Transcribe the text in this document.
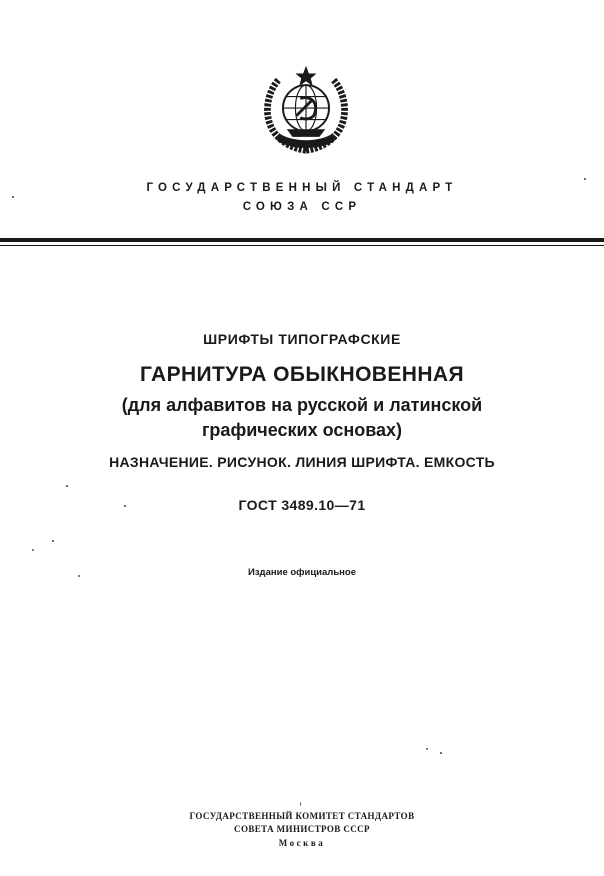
ГОСУДАРСТВЕННЫЙ СТАНДАРТ
СОЮЗА ССР
ШРИФТЫ ТИПОГРАФСКИЕ
ГАРНИТУРА ОБЫКНОВЕННАЯ
(для алфавитов на русской и латинской
графических основах)
НАЗНАЧЕНИЕ. РИСУНОК. ЛИНИЯ ШРИФТА. ЕМКОСТЬ
ГОСТ 3489.10—71
Издание официальное
ГОСУДАРСТВЕННЫЙ КОМИТЕТ СТАНДАРТОВ
СОВЕТА МИНИСТРОВ СССР
Москва
